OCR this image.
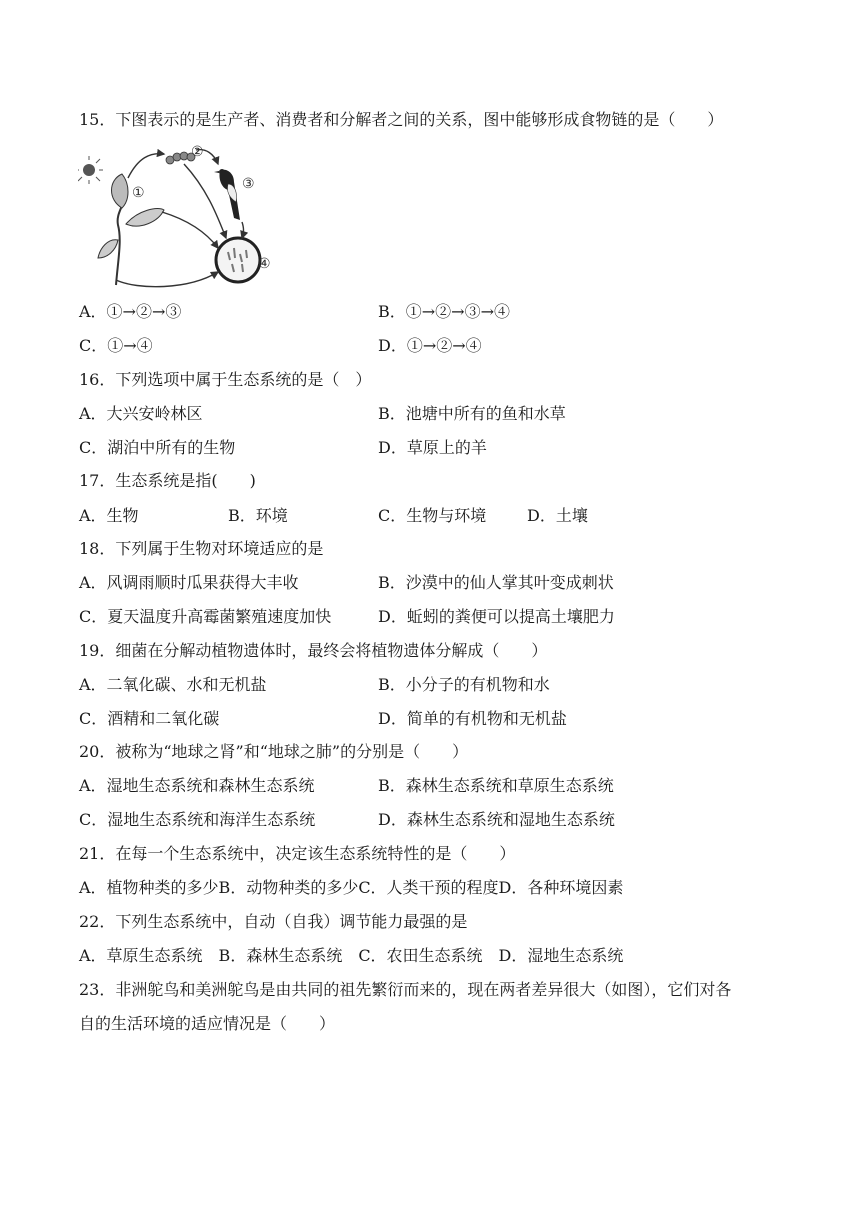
15．下图表示的是生产者、消费者和分解者之间的关系，图中能够形成食物链的是（　　）
①
②
③
④
A．①→②→③	B．①→②→③→④
C．①→④	D．①→②→④
16．下列选项中属于生态系统的是（　）
A．大兴安岭林区	B．池塘中所有的鱼和水草
C．湖泊中所有的生物	D．草原上的羊
17．生态系统是指(　　)
A．生物	B．环境	C．生物与环境	D．土壤
18．下列属于生物对环境适应的是
A．风调雨顺时瓜果获得大丰收	B．沙漠中的仙人掌其叶变成刺状
C．夏天温度升高霉菌繁殖速度加快	D．蚯蚓的粪便可以提高土壤肥力
19．细菌在分解动植物遗体时，最终会将植物遗体分解成（　　）
A．二氧化碳、水和无机盐	B．小分子的有机物和水
C．酒精和二氧化碳	D．简单的有机物和无机盐
20．被称为“地球之肾”和“地球之肺”的分别是（　　）
A．湿地生态系统和森林生态系统	B．森林生态系统和草原生态系统
C．湿地生态系统和海洋生态系统	D．森林生态系统和湿地生态系统
21．在每一个生态系统中，决定该生态系统特性的是（　　）
A．植物种类的多少B．动物种类的多少C．人类干预的程度D．各种环境因素
22．下列生态系统中，自动（自我）调节能力最强的是
A．草原生态系统　B．森林生态系统　C．农田生态系统　D．湿地生态系统
23．非洲鸵鸟和美洲鸵鸟是由共同的祖先繁衍而来的，现在两者差异很大（如图），它们对各
自的生活环境的适应情况是（　　）
